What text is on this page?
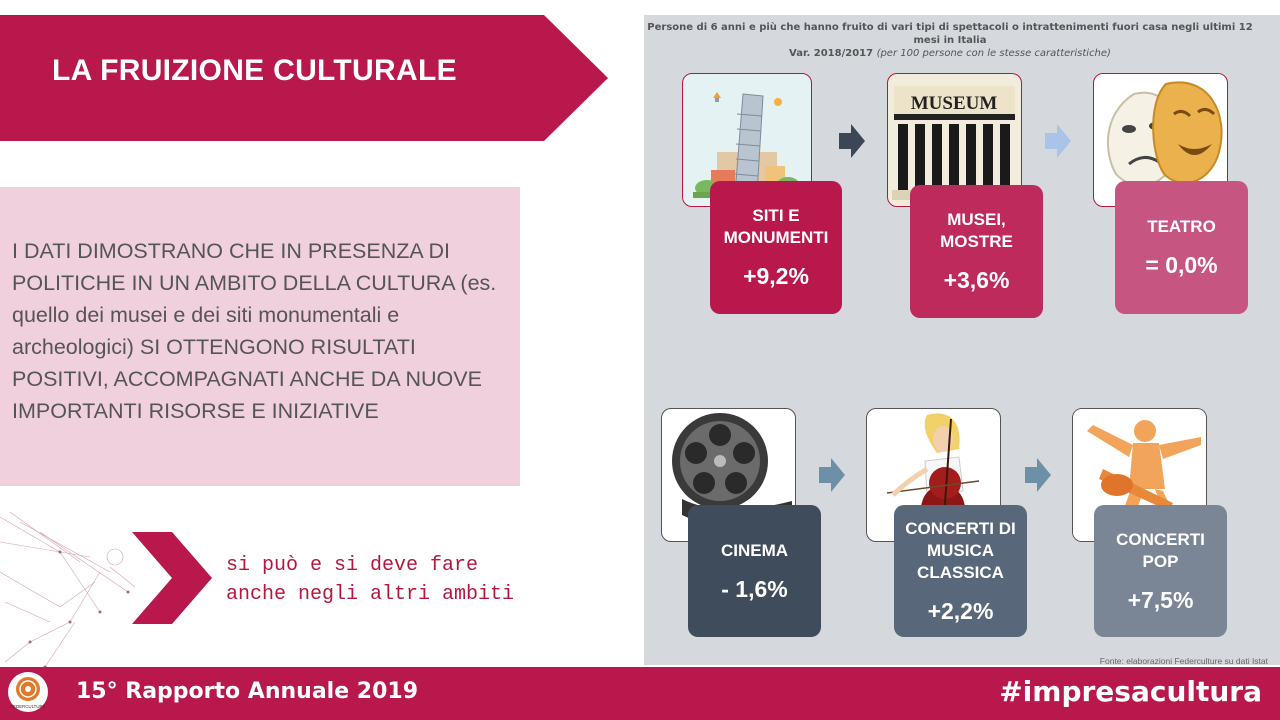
LA FRUIZIONE CULTURALE

I DATI DIMOSTRANO CHE IN PRESENZA DI POLITICHE IN UN AMBITO DELLA CULTURA (es. quello dei musei e dei siti monumentali e archeologici) SI OTTENGONO RISULTATI POSITIVI, ACCOMPAGNATI ANCHE DA NUOVE IMPORTANTI RISORSE E INIZIATIVE

si può e si deve fare
anche negli altri ambiti
Persone di 6 anni e più che hanno fruito di vari tipi di spettacoli o intrattenimenti fuori casa negli ultimi 12 mesi in Italia
Var. 2018/2017 (per 100 persone con le stesse caratteristiche)
MUSEUM
SITI E
MONUMENTI
+9,2%
MUSEI,
MOSTRE
+3,6%
TEATRO
= 0,0%
CINEMA
- 1,6%
CONCERTI DI
MUSICA
CLASSICA
+2,2%
CONCERTI
POP
+7,5%
Fonte: elaborazioni Federculture su dati Istat
FEDERCULTURE
15° Rapporto Annuale 2019	#impresacultura
